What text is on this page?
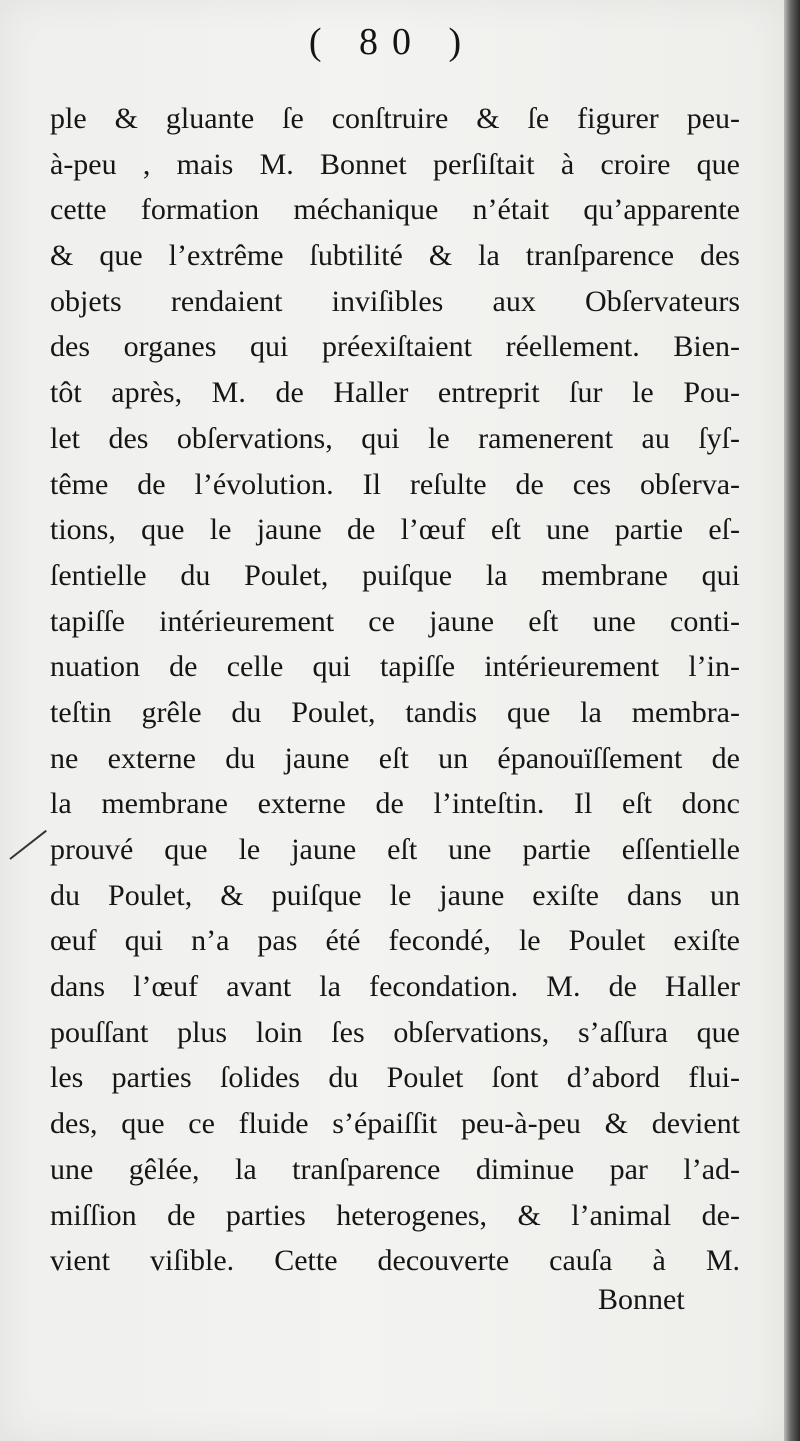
( 80 )
ple & gluante ſe conſtruire & ſe figurer peu-
à-peu , mais M. Bonnet perſiſtait à croire que
cette formation méchanique n’était qu’apparente
& que l’extrême ſubtilité & la tranſparence des
objets rendaient inviſibles aux Obſervateurs
des organes qui préexiſtaient réellement. Bien-
tôt après, M. de Haller entreprit ſur le Pou-
let des obſervations, qui le ramenerent au ſyſ-
tême de l’évolution. Il reſulte de ces obſerva-
tions, que le jaune de l’œuf eſt une partie eſ-
ſentielle du Poulet, puiſque la membrane qui
tapiſſe intérieurement ce jaune eſt une conti-
nuation de celle qui tapiſſe intérieurement l’in-
teſtin grêle du Poulet, tandis que la membra-
ne externe du jaune eſt un épanouïſſement de
la membrane externe de l’inteſtin. Il eſt donc
prouvé que le jaune eſt une partie eſſentielle
du Poulet, & puiſque le jaune exiſte dans un
œuf qui n’a pas été fecondé, le Poulet exiſte
dans l’œuf avant la fecondation. M. de Haller
pouſſant plus loin ſes obſervations, s’aſſura que
les parties ſolides du Poulet ſont d’abord flui-
des, que ce fluide s’épaiſſit peu-à-peu & devient
une gêlée, la tranſparence diminue par l’ad-
miſſion de parties heterogenes, & l’animal de-
vient viſible. Cette decouverte cauſa à M.
Bonnet
